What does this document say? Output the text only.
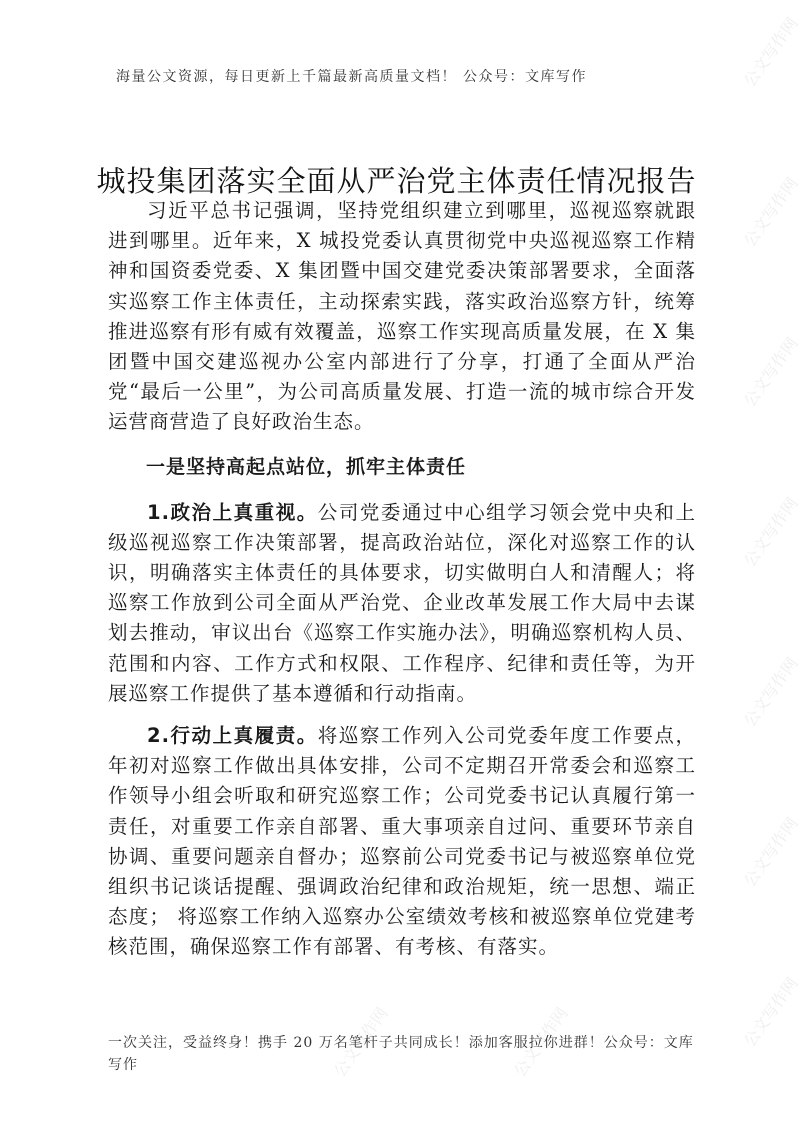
公文写作网
公文写作网
公文写作网
公文写作网
公文写作网
公文写作网
公文写作网
公文写作网	公文写作网
海量公文资源，每日更新上千篇最新高质量文档！ 公众号：文库写作
城投集团落实全面从严治党主体责任情况报告

习近平总书记强调，坚持党组织建立到哪里，巡视巡察就跟进到哪里。近年来，X 城投党委认真贯彻党中央巡视巡察工作精神和国资委党委、X 集团暨中国交建党委决策部署要求，全面落实巡察工作主体责任，主动探索实践，落实政治巡察方针，统筹推进巡察有形有威有效覆盖，巡察工作实现高质量发展，在 X 集团暨中国交建巡视办公室内部进行了分享，打通了全面从严治党“最后一公里”，为公司高质量发展、打造一流的城市综合开发运营商营造了良好政治生态。

一是坚持高起点站位，抓牢主体责任

1.政治上真重视。公司党委通过中心组学习领会党中央和上级巡视巡察工作决策部署，提高政治站位，深化对巡察工作的认识，明确落实主体责任的具体要求，切实做明白人和清醒人；将巡察工作放到公司全面从严治党、企业改革发展工作大局中去谋划去推动，审议出台《巡察工作实施办法》，明确巡察机构人员、范围和内容、工作方式和权限、工作程序、纪律和责任等，为开展巡察工作提供了基本遵循和行动指南。

2.行动上真履责。将巡察工作列入公司党委年度工作要点，年初对巡察工作做出具体安排，公司不定期召开常委会和巡察工作领导小组会听取和研究巡察工作；公司党委书记认真履行第一责任，对重要工作亲自部署、重大事项亲自过问、重要环节亲自协调、重要问题亲自督办；巡察前公司党委书记与被巡察单位党组织书记谈话提醒、强调政治纪律和政治规矩，统一思想、端正态度； 将巡察工作纳入巡察办公室绩效考核和被巡察单位党建考核范围，确保巡察工作有部署、有考核、有落实。

一次关注，受益终身！携手 20 万名笔杆子共同成长！添加客服拉你进群！公众号：文库写作
